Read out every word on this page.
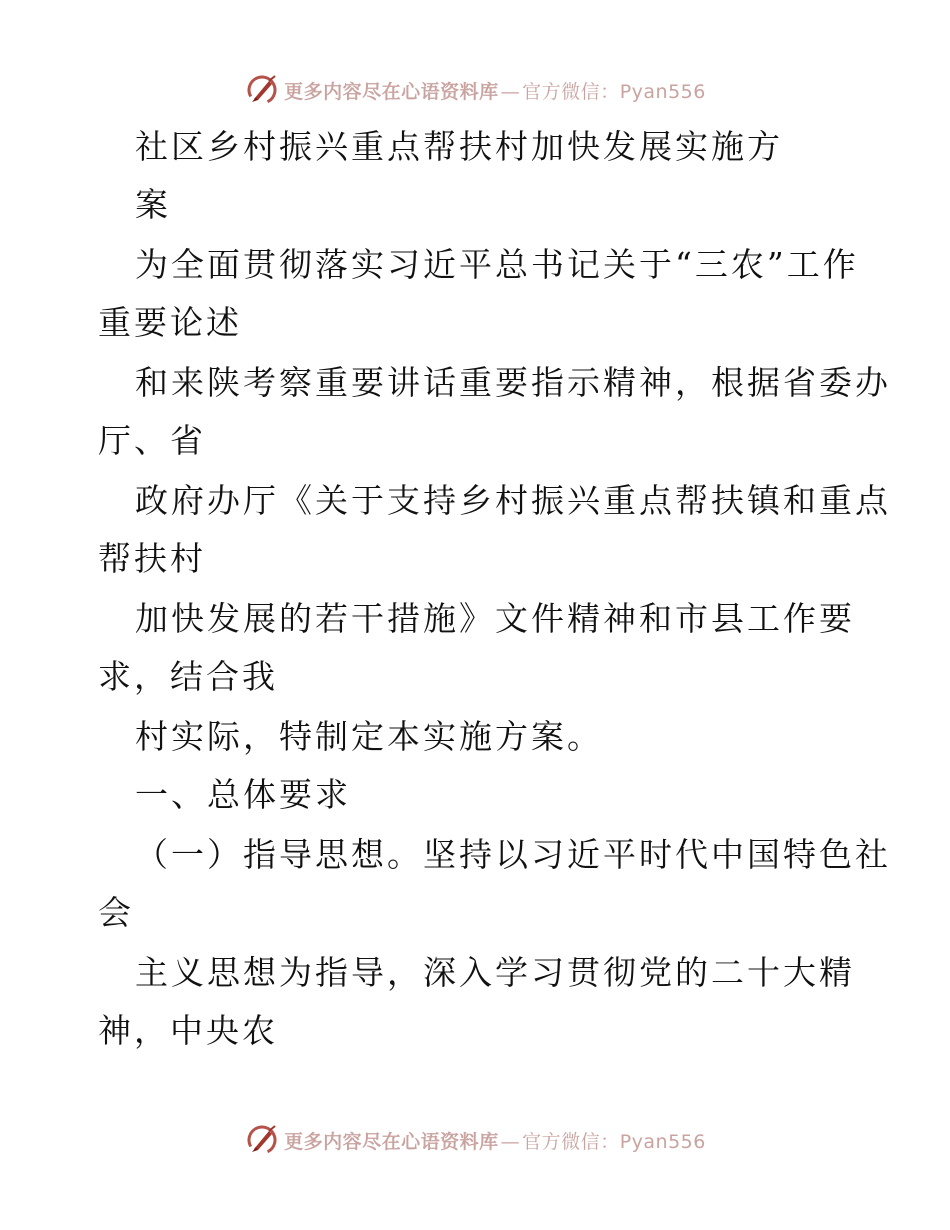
更多内容尽在心语资料库 — 官方微信：Pyan556
社区乡村振兴重点帮扶村加快发展实施方
案
为全面贯彻落实习近平总书记关于“三农”工作
重要论述
和来陕考察重要讲话重要指示精神，根据省委办
厅、省
政府办厅《关于支持乡村振兴重点帮扶镇和重点
帮扶村
加快发展的若干措施》文件精神和市县工作要
求，结合我
村实际，特制定本实施方案。
一、总体要求
（一）指导思想。坚持以习近平时代中国特色社
会
主义思想为指导，深入学习贯彻党的二十大精
神，中央农
更多内容尽在心语资料库 — 官方微信：Pyan556
